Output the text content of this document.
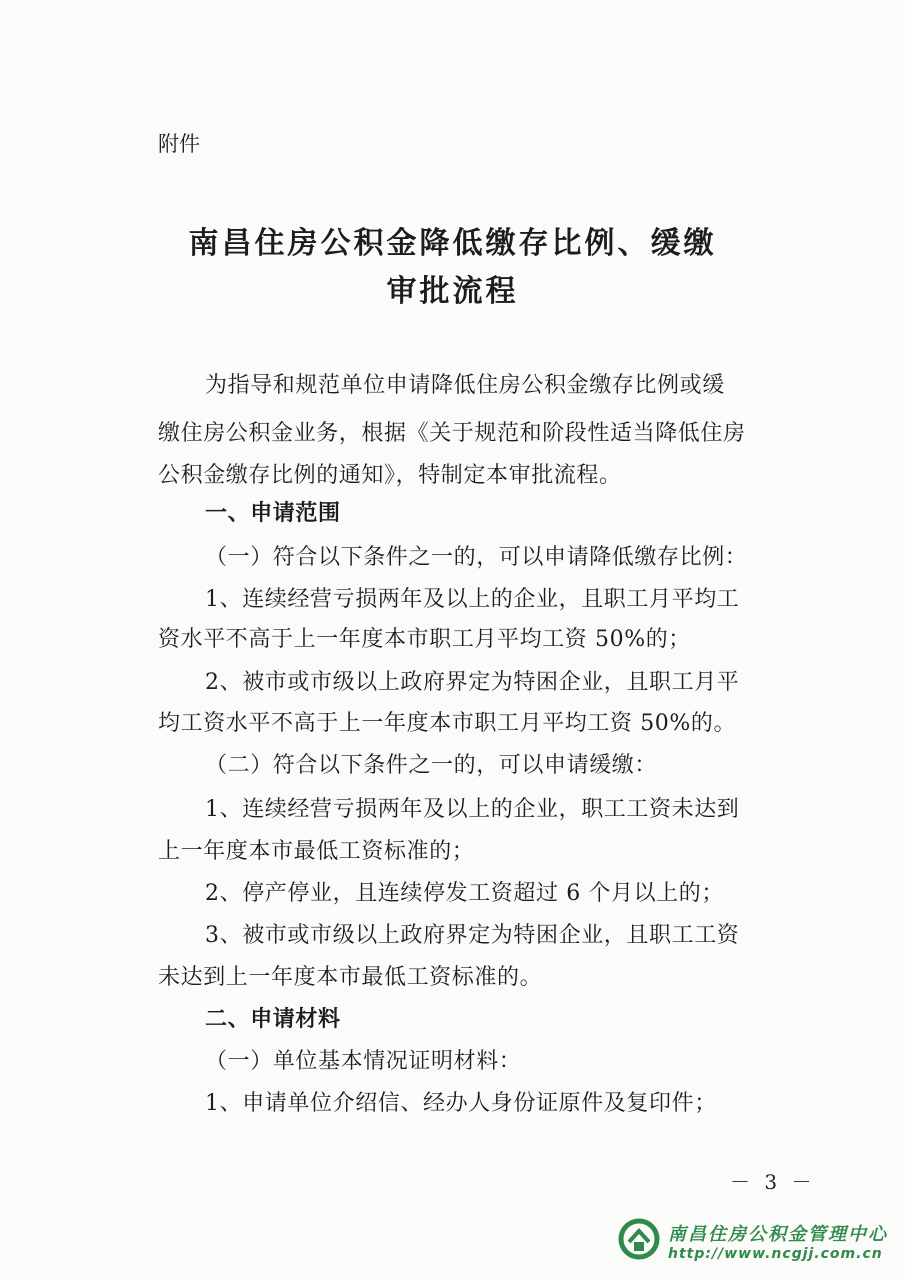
附件
南昌住房公积金降低缴存比例、缓缴
审批流程
为指导和规范单位申请降低住房公积金缴存比例或缓
缴住房公积金业务，根据《关于规范和阶段性适当降低住房
公积金缴存比例的通知》，特制定本审批流程。
一、申请范围
（一）符合以下条件之一的，可以申请降低缴存比例：
1、连续经营亏损两年及以上的企业，且职工月平均工
资水平不高于上一年度本市职工月平均工资 50%的；
2、被市或市级以上政府界定为特困企业，且职工月平
均工资水平不高于上一年度本市职工月平均工资 50%的。
（二）符合以下条件之一的，可以申请缓缴：
1、连续经营亏损两年及以上的企业，职工工资未达到
上一年度本市最低工资标准的；
2、停产停业，且连续停发工资超过 6 个月以上的；
3、被市或市级以上政府界定为特困企业，且职工工资
未达到上一年度本市最低工资标准的。
二、申请材料
（一）单位基本情况证明材料：
1、申请单位介绍信、经办人身份证原件及复印件；
－ 3 －
南昌住房公积金管理中心
http://www.ncgjj.com.cn
